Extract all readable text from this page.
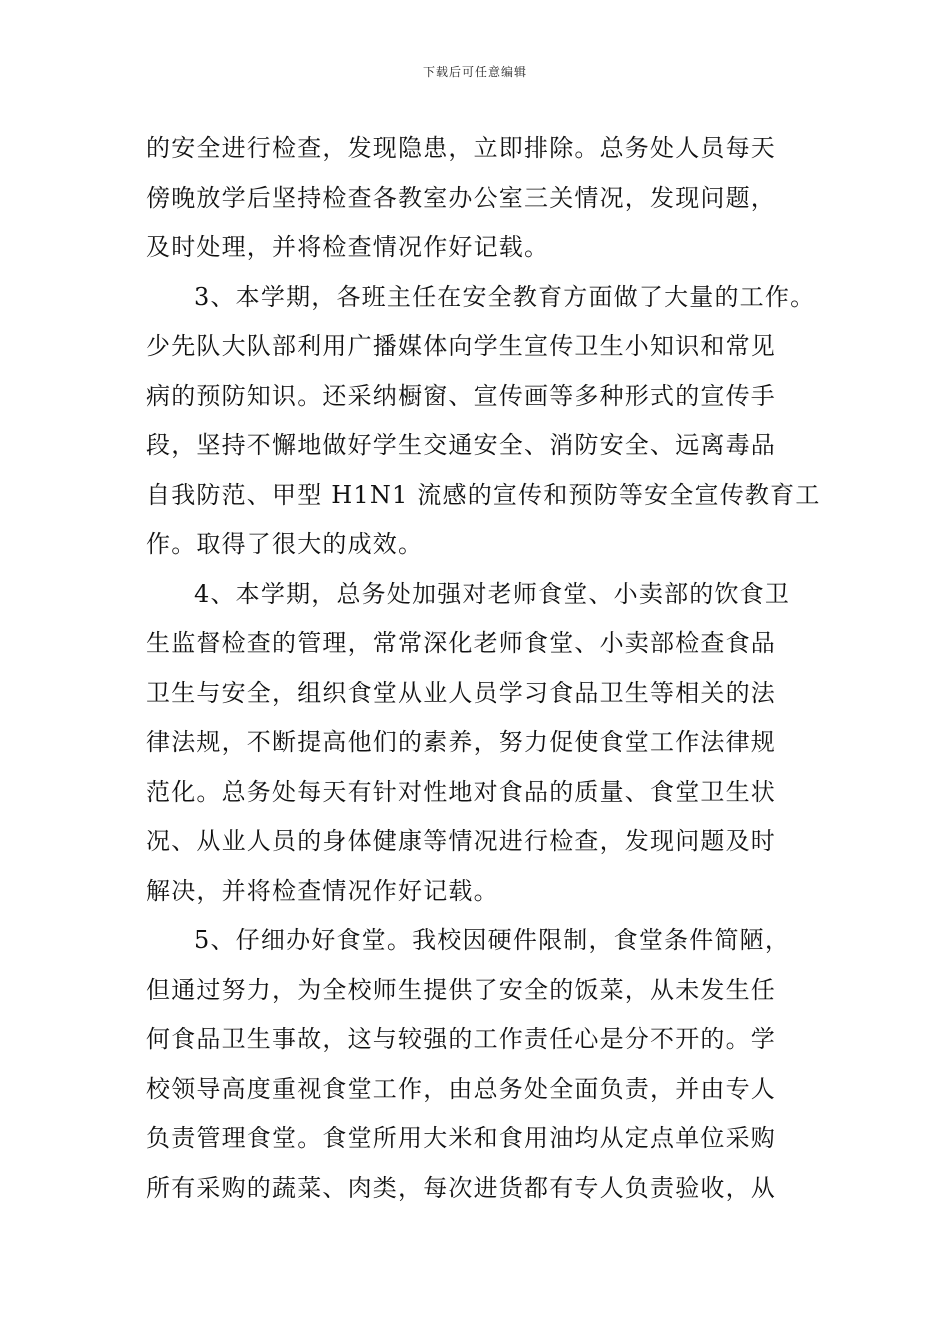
下载后可任意编辑
的安全进行检查，发现隐患，立即排除。总务处人员每天
傍晚放学后坚持检查各教室办公室三关情况，发现问题，
及时处理，并将检查情况作好记载。
3、本学期，各班主任在安全教育方面做了大量的工作。
少先队大队部利用广播媒体向学生宣传卫生小知识和常见
病的预防知识。还采纳橱窗、宣传画等多种形式的宣传手
段，坚持不懈地做好学生交通安全、消防安全、远离毒品
自我防范、甲型 H1N1 流感的宣传和预防等安全宣传教育工
作。取得了很大的成效。
4、本学期，总务处加强对老师食堂、小卖部的饮食卫
生监督检查的管理，常常深化老师食堂、小卖部检查食品
卫生与安全，组织食堂从业人员学习食品卫生等相关的法
律法规，不断提高他们的素养，努力促使食堂工作法律规
范化。总务处每天有针对性地对食品的质量、食堂卫生状
况、从业人员的身体健康等情况进行检查，发现问题及时
解决，并将检查情况作好记载。
5、仔细办好食堂。我校因硬件限制，食堂条件简陋，
但通过努力，为全校师生提供了安全的饭菜，从未发生任
何食品卫生事故，这与较强的工作责任心是分不开的。学
校领导高度重视食堂工作，由总务处全面负责，并由专人
负责管理食堂。食堂所用大米和食用油均从定点单位采购
所有采购的蔬菜、肉类，每次进货都有专人负责验收，从
